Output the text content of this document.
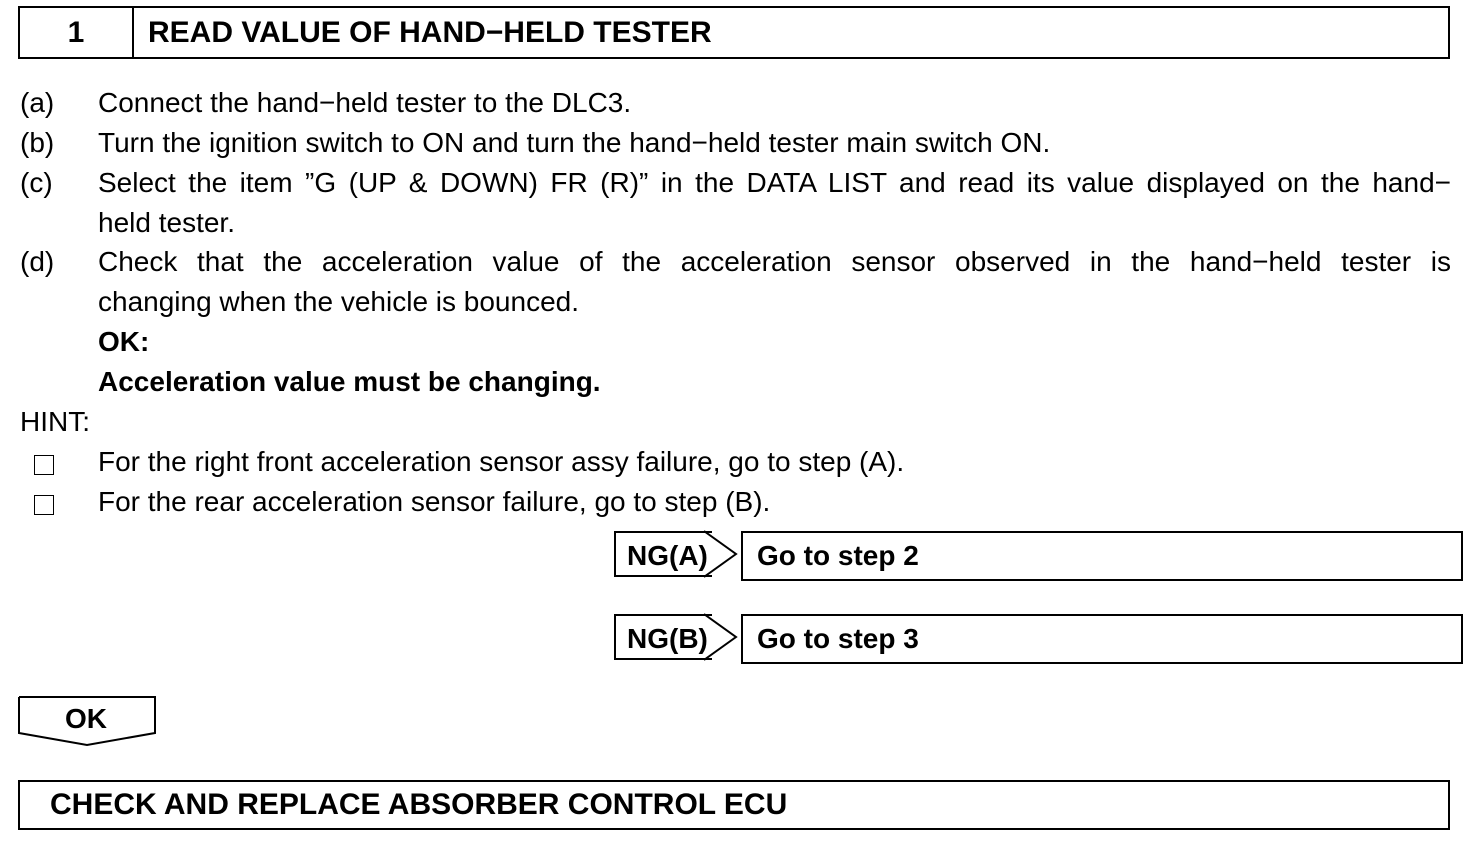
1	READ VALUE OF HAND−HELD TESTER
(a) Connect the hand−held tester to the DLC3.
(b) Turn the ignition switch to ON and turn the hand−held tester main switch ON.
(c) Select the item ”G (UP & DOWN) FR (R)” in the DATA LIST and read its value displayed on the hand−
held tester.
(d) Check that the acceleration value of the acceleration sensor observed in the hand−held tester is
changing when the vehicle is bounced.
OK:
Acceleration value must be changing.
HINT:
For the right front acceleration sensor assy failure, go to step (A).
For the rear acceleration sensor failure, go to step (B).
NG(A)	Go to step 2
NG(B)	Go to step 3
OK
CHECK AND REPLACE ABSORBER CONTROL ECU
